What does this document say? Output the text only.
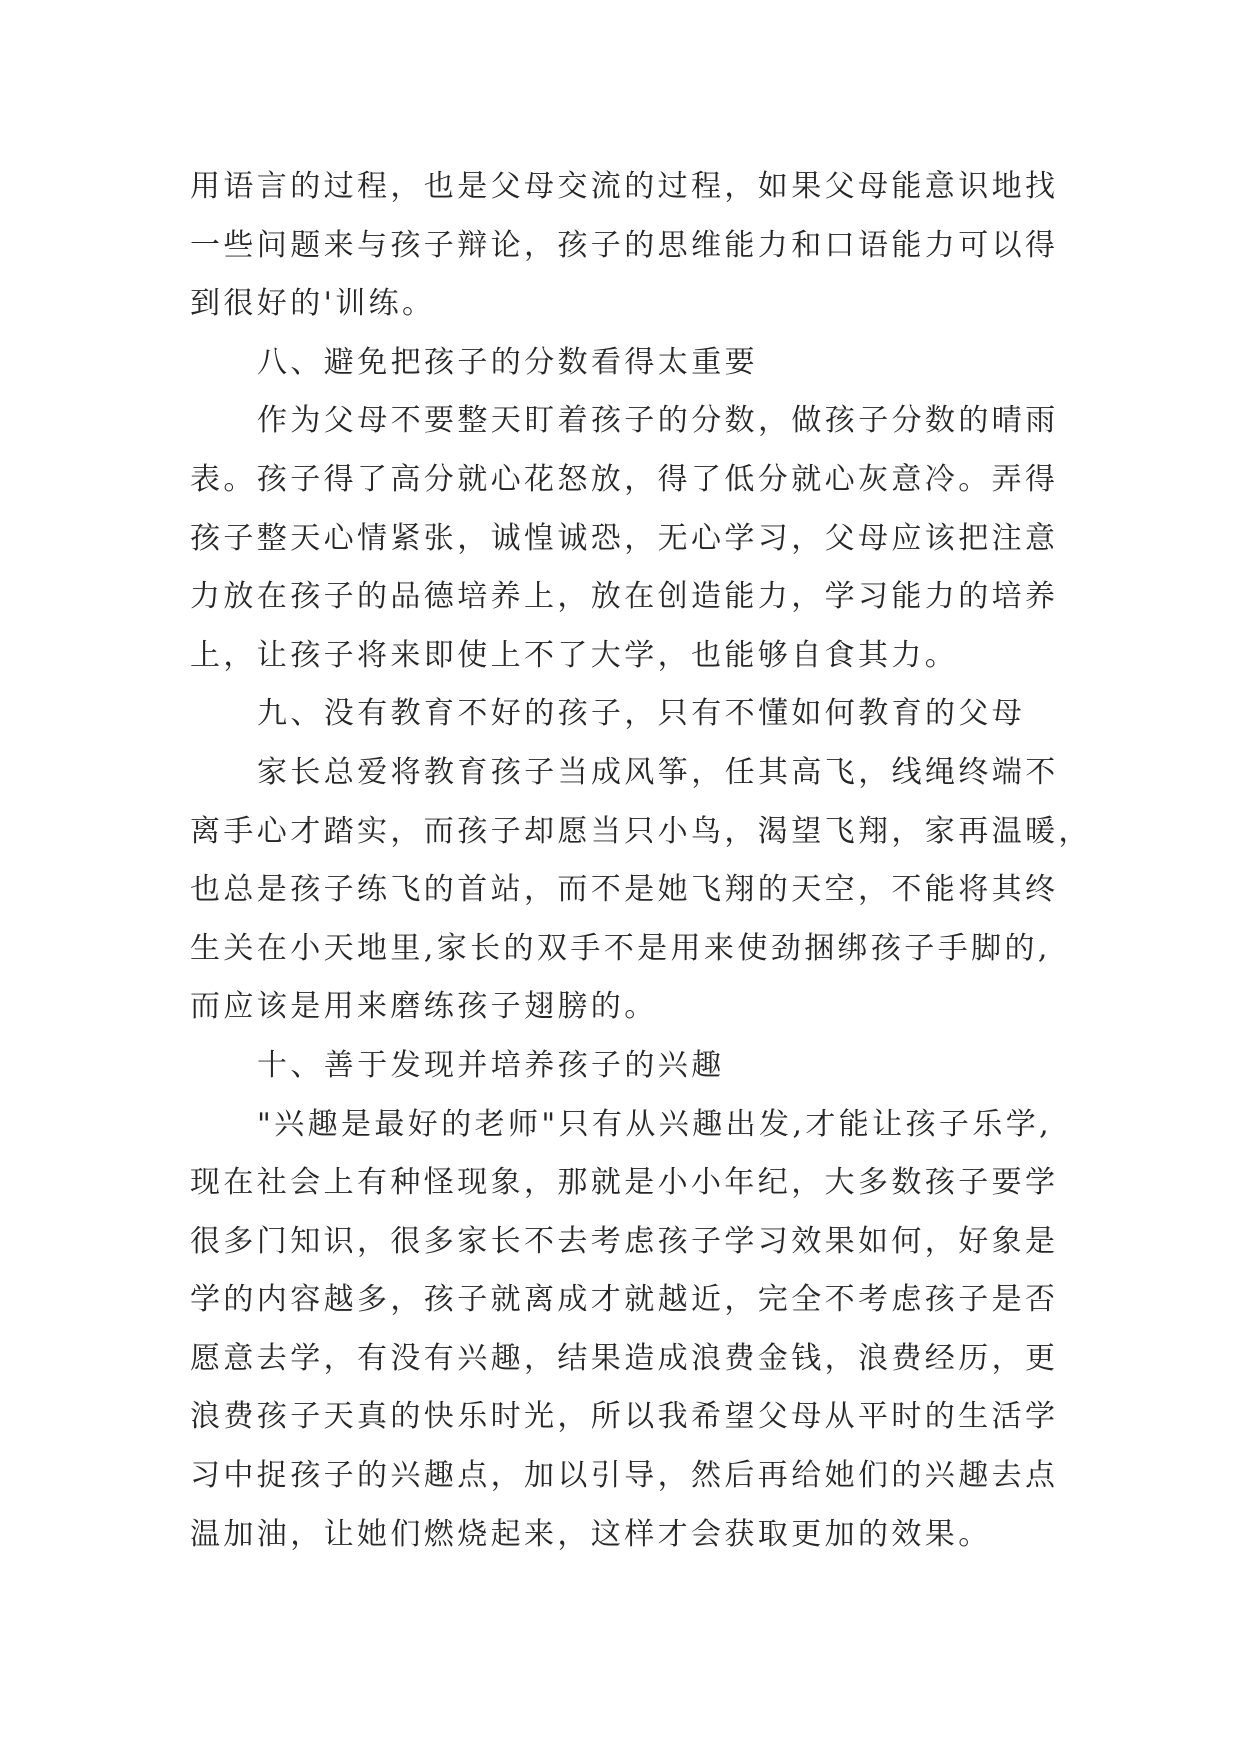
用语言的过程，也是父母交流的过程，如果父母能意识地找

一些问题来与孩子辩论，孩子的思维能力和口语能力可以得

到很好的'训练。

八、避免把孩子的分数看得太重要

作为父母不要整天盯着孩子的分数，做孩子分数的晴雨

表。孩子得了高分就心花怒放，得了低分就心灰意冷。弄得

孩子整天心情紧张，诚惶诚恐，无心学习，父母应该把注意

力放在孩子的品德培养上，放在创造能力，学习能力的培养

上，让孩子将来即使上不了大学，也能够自食其力。

九、没有教育不好的孩子，只有不懂如何教育的父母

家长总爱将教育孩子当成风筝，任其高飞，线绳终端不

离手心才踏实，而孩子却愿当只小鸟，渴望飞翔，家再温暖，

也总是孩子练飞的首站，而不是她飞翔的天空，不能将其终

生关在小天地里,家长的双手不是用来使劲捆绑孩子手脚的,

而应该是用来磨练孩子翅膀的。

十、善于发现并培养孩子的兴趣

"兴趣是最好的老师"只有从兴趣出发,才能让孩子乐学,

现在社会上有种怪现象，那就是小小年纪，大多数孩子要学

很多门知识，很多家长不去考虑孩子学习效果如何，好象是

学的内容越多，孩子就离成才就越近，完全不考虑孩子是否

愿意去学，有没有兴趣，结果造成浪费金钱，浪费经历，更

浪费孩子天真的快乐时光，所以我希望父母从平时的生活学

习中捉孩子的兴趣点，加以引导，然后再给她们的兴趣去点

温加油，让她们燃烧起来，这样才会获取更加的效果。
